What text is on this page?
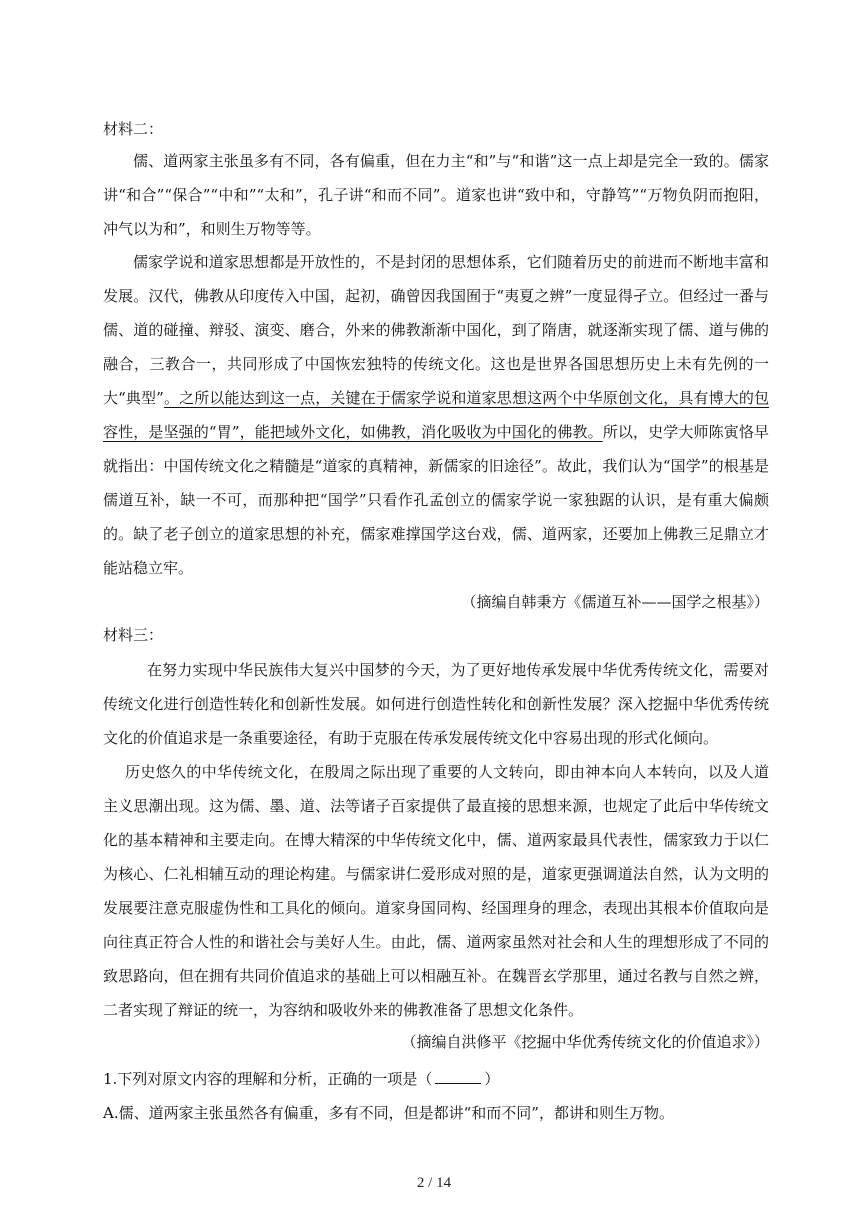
材料二：

儒、道两家主张虽多有不同，各有偏重，但在力主“和”与“和谐”这一点上却是完全一致的。儒家讲“和合”“保合”“中和”“太和”，孔子讲“和而不同”。道家也讲“致中和，守静笃”“万物负阴而抱阳，冲气以为和”，和则生万物等等。

儒家学说和道家思想都是开放性的，不是封闭的思想体系，它们随着历史的前进而不断地丰富和发展。汉代，佛教从印度传入中国，起初，确曾因我国囿于“夷夏之辨”一度显得孑立。但经过一番与儒、道的碰撞、辩驳、演变、磨合，外来的佛教渐渐中国化，到了隋唐，就逐渐实现了儒、道与佛的融合，三教合一，共同形成了中国恢宏独特的传统文化。这也是世界各国思想历史上未有先例的一大“典型”。之所以能达到这一点，关键在于儒家学说和道家思想这两个中华原创文化，具有博大的包容性，是坚强的“胃”，能把域外文化，如佛教，消化吸收为中国化的佛教。所以，史学大师陈寅恪早就指出：中国传统文化之精髓是“道家的真精神，新儒家的旧途径”。故此，我们认为“国学”的根基是儒道互补，缺一不可，而那种把“国学”只看作孔孟创立的儒家学说一家独踞的认识，是有重大偏颇的。缺了老子创立的道家思想的补充，儒家难撑国学这台戏，儒、道两家，还要加上佛教三足鼎立才能站稳立牢。

（摘编自韩秉方《儒道互补——国学之根基》）

材料三：

在努力实现中华民族伟大复兴中国梦的今天，为了更好地传承发展中华优秀传统文化，需要对传统文化进行创造性转化和创新性发展。如何进行创造性转化和创新性发展？深入挖掘中华优秀传统文化的价值追求是一条重要途径，有助于克服在传承发展传统文化中容易出现的形式化倾向。

历史悠久的中华传统文化，在殷周之际出现了重要的人文转向，即由神本向人本转向，以及人道主义思潮出现。这为儒、墨、道、法等诸子百家提供了最直接的思想来源，也规定了此后中华传统文化的基本精神和主要走向。在博大精深的中华传统文化中，儒、道两家最具代表性，儒家致力于以仁为核心、仁礼相辅互动的理论构建。与儒家讲仁爱形成对照的是，道家更强调道法自然，认为文明的发展要注意克服虚伪性和工具化的倾向。道家身国同构、经国理身的理念，表现出其根本价值取向是向往真正符合人性的和谐社会与美好人生。由此，儒、道两家虽然对社会和人生的理想形成了不同的致思路向，但在拥有共同价值追求的基础上可以相融互补。在魏晋玄学那里，通过名教与自然之辨，二者实现了辩证的统一，为容纳和吸收外来的佛教准备了思想文化条件。

（摘编自洪修平《挖掘中华优秀传统文化的价值追求》）

1.下列对原文内容的理解和分析，正确的一项是（	）

A.儒、道两家主张虽然各有偏重，多有不同，但是都讲“和而不同”，都讲和则生万物。

2 / 14
